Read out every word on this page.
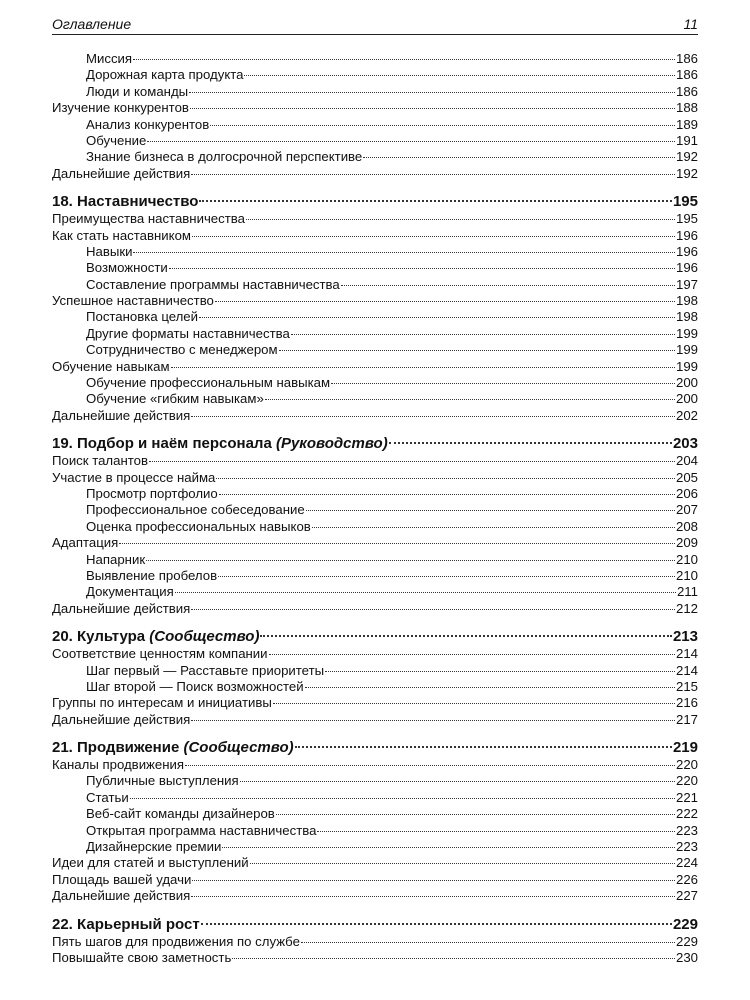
Оглавление	11
Миссия	186
Дорожная карта продукта	186
Люди и команды	186
Изучение конкурентов	188
Анализ конкурентов	189
Обучение	191
Знание бизнеса в долгосрочной перспективе	192
Дальнейшие действия	192
18. Наставничество	195
Преимущества наставничества	195
Как стать наставником	196
Навыки	196
Возможности	196
Составление программы наставничества	197
Успешное наставничество	198
Постановка целей	198
Другие форматы наставничества	199
Сотрудничество с менеджером	199
Обучение навыкам	199
Обучение профессиональным навыкам	200
Обучение «гибким навыкам»	200
Дальнейшие действия	202
19. Подбор и наём персонала (Руководство)	203
Поиск талантов	204
Участие в процессе найма	205
Просмотр портфолио	206
Профессиональное собеседование	207
Оценка профессиональных навыков	208
Адаптация	209
Напарник	210
Выявление пробелов	210
Документация	211
Дальнейшие действия	212
20. Культура (Сообщество)	213
Соответствие ценностям компании	214
Шаг первый — Расставьте приоритеты	214
Шаг второй — Поиск возможностей	215
Группы по интересам и инициативы	216
Дальнейшие действия	217
21. Продвижение (Сообщество)	219
Каналы продвижения	220
Публичные выступления	220
Статьи	221
Веб-сайт команды дизайнеров	222
Открытая программа наставничества	223
Дизайнерские премии	223
Идеи для статей и выступлений	224
Площадь вашей удачи	226
Дальнейшие действия	227
22. Карьерный рост	229
Пять шагов для продвижения по службе	229
Повышайте свою заметность	230
